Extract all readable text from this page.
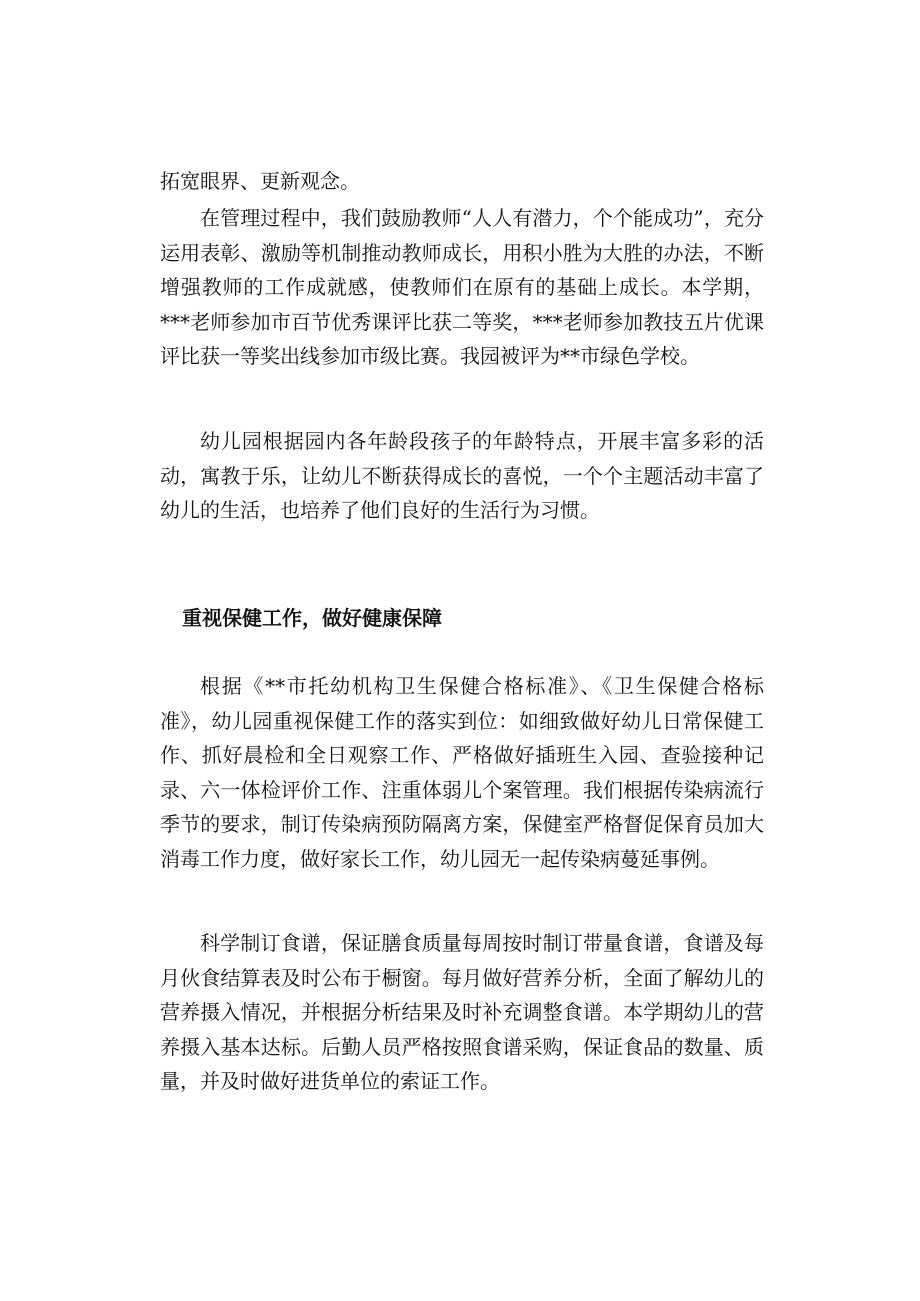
拓宽眼界、更新观念。

在管理过程中，我们鼓励教师“人人有潜力，个个能成功”，充分运用表彰、激励等机制推动教师成长，用积小胜为大胜的办法，不断增强教师的工作成就感，使教师们在原有的基础上成长。本学期，***老师参加市百节优秀课评比获二等奖，***老师参加教技五片优课评比获一等奖出线参加市级比赛。我园被评为**市绿色学校。

幼儿园根据园内各年龄段孩子的年龄特点，开展丰富多彩的活动，寓教于乐，让幼儿不断获得成长的喜悦，一个个主题活动丰富了幼儿的生活，也培养了他们良好的生活行为习惯。

重视保健工作，做好健康保障

根据《**市托幼机构卫生保健合格标准》、《卫生保健合格标准》，幼儿园重视保健工作的落实到位：如细致做好幼儿日常保健工作、抓好晨检和全日观察工作、严格做好插班生入园、查验接种记录、六一体检评价工作、注重体弱儿个案管理。我们根据传染病流行季节的要求，制订传染病预防隔离方案，保健室严格督促保育员加大消毒工作力度，做好家长工作，幼儿园无一起传染病蔓延事例。

科学制订食谱，保证膳食质量每周按时制订带量食谱，食谱及每月伙食结算表及时公布于橱窗。每月做好营养分析，全面了解幼儿的营养摄入情况，并根据分析结果及时补充调整食谱。本学期幼儿的营养摄入基本达标。后勤人员严格按照食谱采购，保证食品的数量、质量，并及时做好进货单位的索证工作。
